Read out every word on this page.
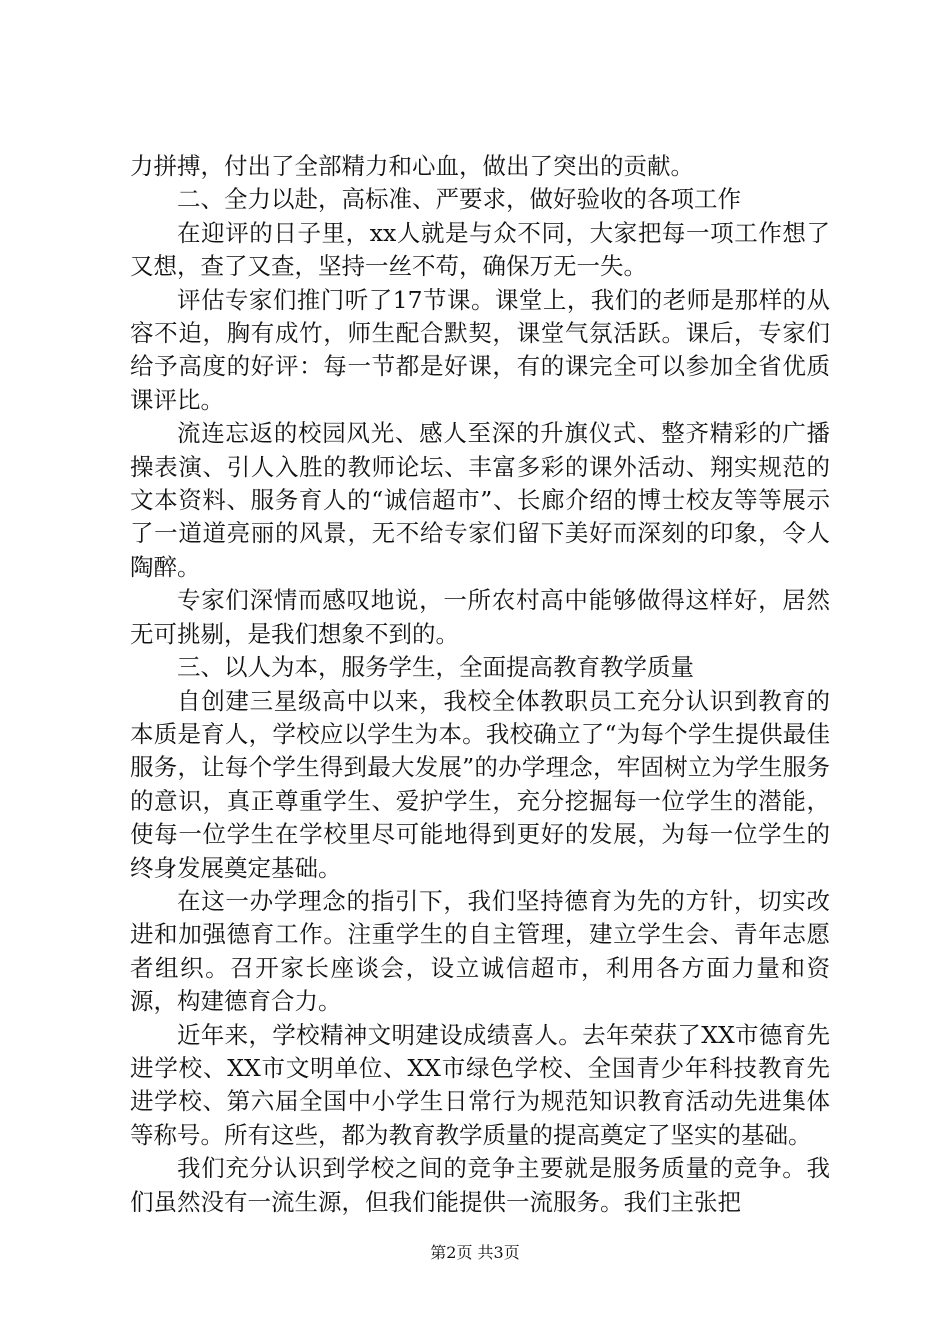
力拼搏，付出了全部精力和心血，做出了突出的贡献。

二、全力以赴，高标准、严要求，做好验收的各项工作

在迎评的日子里，xx人就是与众不同，大家把每一项工作想了又想，查了又查，坚持一丝不苟，确保万无一失。

评估专家们推门听了17节课。课堂上，我们的老师是那样的从容不迫，胸有成竹，师生配合默契，课堂气氛活跃。课后，专家们给予高度的好评：每一节都是好课，有的课完全可以参加全省优质课评比。

流连忘返的校园风光、感人至深的升旗仪式、整齐精彩的广播操表演、引人入胜的教师论坛、丰富多彩的课外活动、翔实规范的文本资料、服务育人的“诚信超市”、长廊介绍的博士校友等等展示了一道道亮丽的风景，无不给专家们留下美好而深刻的印象，令人陶醉。

专家们深情而感叹地说，一所农村高中能够做得这样好，居然无可挑剔，是我们想象不到的。

三、以人为本，服务学生，全面提高教育教学质量

自创建三星级高中以来，我校全体教职员工充分认识到教育的本质是育人，学校应以学生为本。我校确立了“为每个学生提供最佳服务，让每个学生得到最大发展”的办学理念，牢固树立为学生服务的意识，真正尊重学生、爱护学生，充分挖掘每一位学生的潜能，使每一位学生在学校里尽可能地得到更好的发展，为每一位学生的终身发展奠定基础。

在这一办学理念的指引下，我们坚持德育为先的方针，切实改进和加强德育工作。注重学生的自主管理，建立学生会、青年志愿者组织。召开家长座谈会，设立诚信超市，利用各方面力量和资源，构建德育合力。

近年来，学校精神文明建设成绩喜人。去年荣获了XX市德育先进学校、XX市文明单位、XX市绿色学校、全国青少年科技教育先进学校、第六届全国中小学生日常行为规范知识教育活动先进集体等称号。所有这些，都为教育教学质量的提高奠定了坚实的基础。

我们充分认识到学校之间的竞争主要就是服务质量的竞争。我们虽然没有一流生源，但我们能提供一流服务。我们主张把

第2页 共3页
